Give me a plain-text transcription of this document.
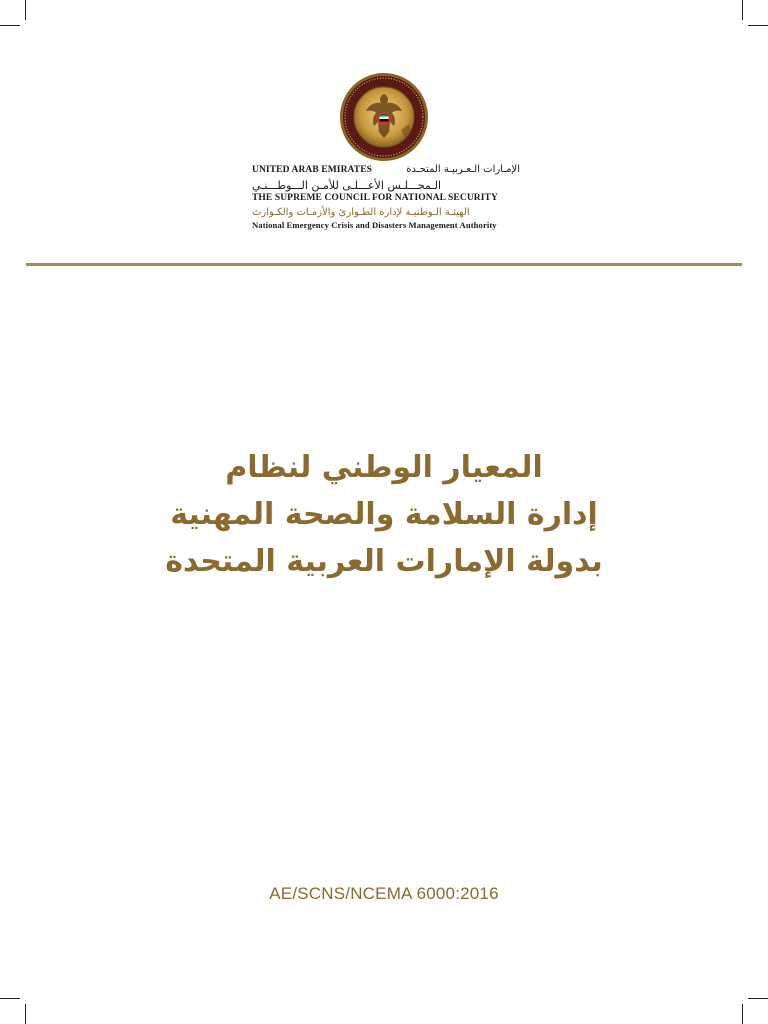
UNITED ARAB EMIRATES	الإمـارات الـعـربيـة المتحـدة
الـمجـــلـس الأعـــلـى للأمـن الـــوطـــنـي
THE SUPREME COUNCIL FOR NATIONAL SECURITY
الهيئـة الـوطنيـة لإدارة الطـوارئ والأزمـات والكـوارث
National Emergency Crisis and Disasters Management Authority
المعيار الوطني لنظام
إدارة السلامة والصحة المهنية
بدولة الإمارات العربية المتحدة
AE/SCNS/NCEMA 6000:2016
